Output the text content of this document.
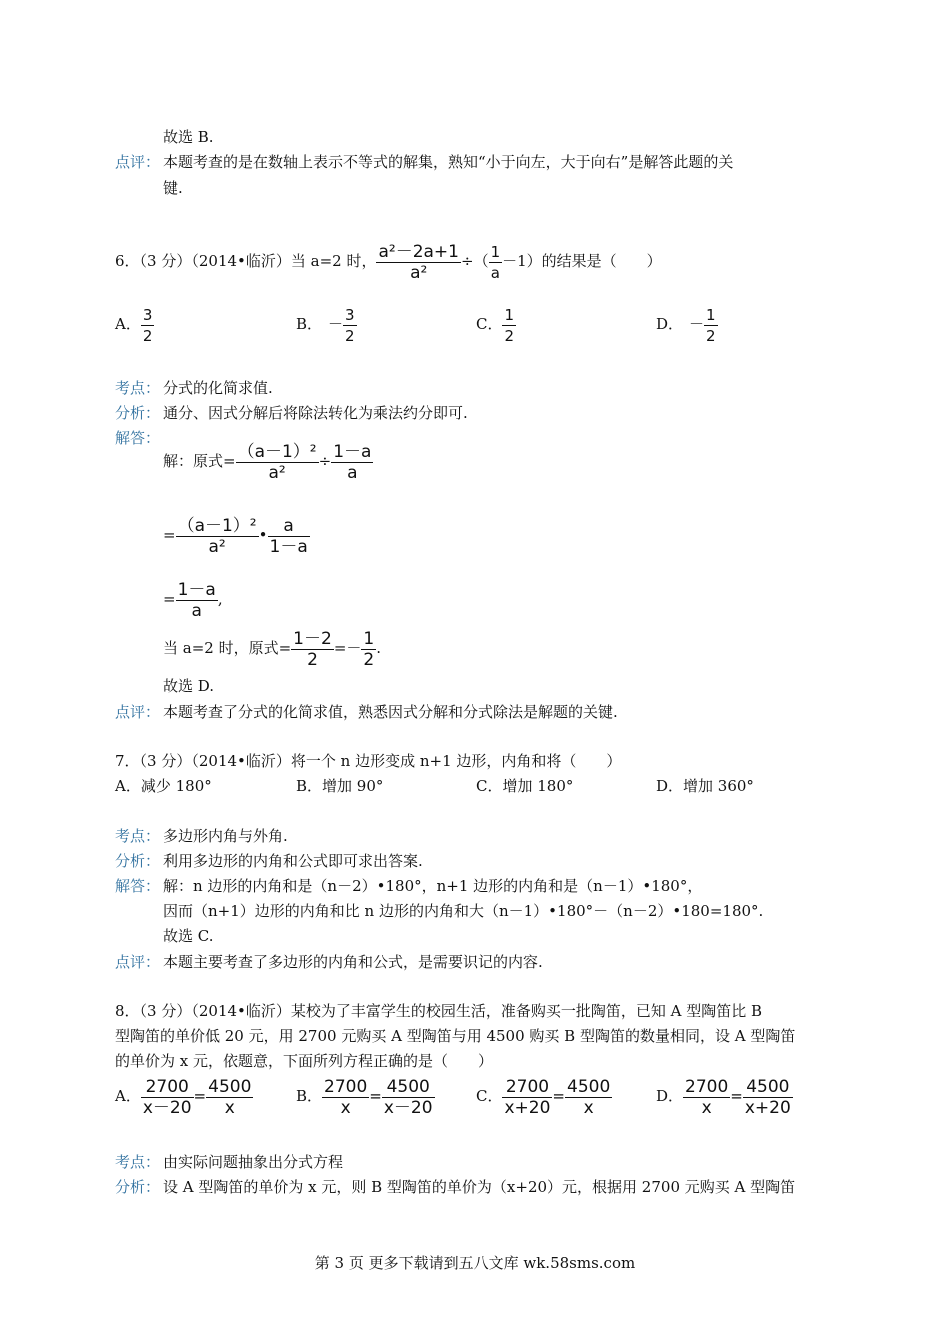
故选 B.
点评： 本题考查的是在数轴上表示不等式的解集，熟知“小于向左，大于向右”是解答此题的关
键.
6．（3 分）（2014•临沂）当 a=2 时， $\frac{\text{a²－2a+1}}{\text{a²}}$ ÷（ $\frac{1}{a} -1$）的结果是（　　）
A． $\frac{3}{2}$	B． － $\frac{3}{2}$	C． $\frac{1}{2}$	D． － $\frac{1}{2}$
考点： 分式的化简求值.
分析： 通分、因式分解后将除法转化为乘法约分即可.
解答：
解：原式= $\frac{\text{（a－1）²}}{\text{a²}} \div \frac{1-a}{a}$
= $\frac{\text{（a－1）²}}{\text{a²}}$ • $\frac{a}{1-a}$
= $\frac{1-a}{a}$ ,
当 a=2 时，原式= $\frac{1-2}{2} =- \frac{1}{2}$ .
故选 D.
点评： 本题考查了分式的化简求值，熟悉因式分解和分式除法是解题的关键.
7．（3 分）（2014•临沂）将一个 n 边形变成 n+1 边形，内角和将（　　）
A．减少 180°	B．增加 90°	C．增加 180°	D．增加 360°
考点： 多边形内角与外角.
分析： 利用多边形的内角和公式即可求出答案.
解答： 解：n 边形的内角和是（n－2）•180°，n+1 边形的内角和是（n－1）•180°，
因而（n+1）边形的内角和比 n 边形的内角和大（n－1）•180°－（n－2）•180=180°.
故选 C.
点评： 本题主要考查了多边形的内角和公式，是需要识记的内容.
8．（3 分）（2014•临沂）某校为了丰富学生的校园生活，准备购买一批陶笛，已知 A 型陶笛比 B
型陶笛的单价低 20 元，用 2700 元购买 A 型陶笛与用 4500 购买 B 型陶笛的数量相同，设 A 型陶笛
的单价为 x 元，依题意，下面所列方程正确的是（　　）
A． $\frac{2700}{x-20} = \frac{4500}{x}$	B． $\frac{2700}{x} = \frac{4500}{x-20}$	C． $\frac{2700}{x+20} = \frac{4500}{x}$	D． $\frac{2700}{x} = \frac{4500}{x+20}$
考点： 由实际问题抽象出分式方程
分析： 设 A 型陶笛的单价为 x 元，则 B 型陶笛的单价为（x+20）元，根据用 2700 元购买 A 型陶笛
第 3 页 更多下载请到五八文库 wk.58sms.com
